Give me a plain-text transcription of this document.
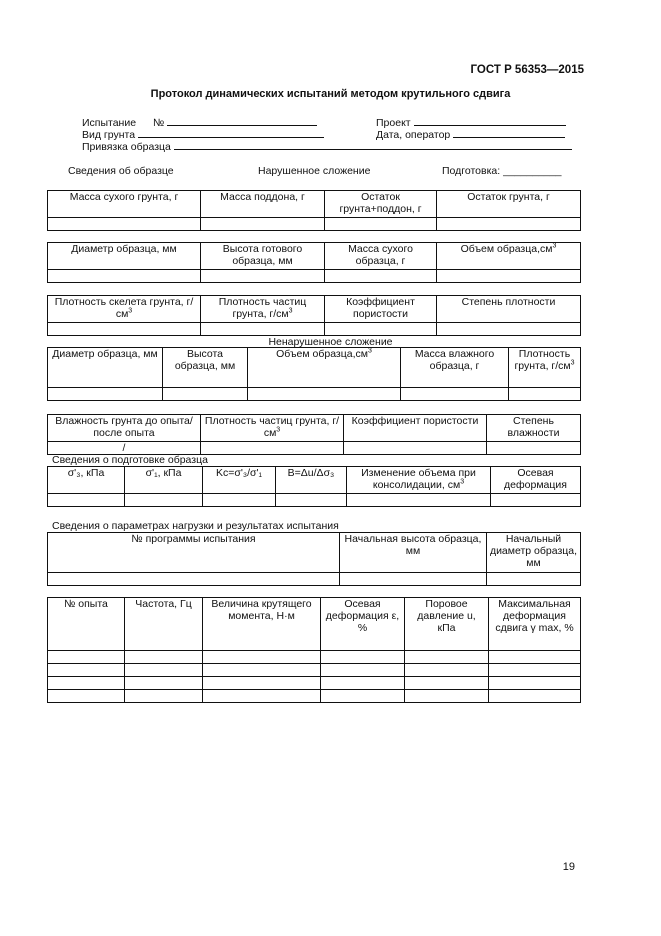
ГОСТ Р 56353—2015
Протокол динамических испытаний методом крутильного сдвига
Испытание №	Проект
Вид грунта	Дата, оператор
Привязка образца
Сведения об образце	Нарушенное сложение	Подготовка: __________
Масса сухого грунта, г	Масса поддона, г	Остаток грунта+поддон, г	Остаток грунта, г

Диаметр образца, мм	Высота готового образца, мм	Масса сухого образца, г	Объем $образца,см^3$

Плотность скелета грунта, $г/см^3$	Плотность частиц грунта, $г/см^3$	Коэффициент пористости	Степень плотности

Ненарушенное сложение
Диаметр образца, мм	Высота образца, мм	Объем $образца,см^3$	Масса влажного образца, г	Плотность грунта, $г/см^3$

Влажность грунта до опыта/после опыта	Плотность частиц грунта, $г/см^3$	Коэффициент пористости	Степень влажности
/			
Сведения о подготовке образца
σ'₃, кПа	σ'₁, кПа	Kc=σ'₃/σ'₁	B=Δu/Δσ₃	Изменение объема при консолидации, $см^3$	Осевая деформация

Сведения о параметрах нагрузки и результатах испытания
№ программы испытания	Начальная высота образца, мм	Начальный диаметр образца, мм

№ опыта	Частота, Гц	Величина крутящего момента, Н·м	Осевая деформация ε, %	Поровое давление u, кПа	Максимальная деформация сдвига γ max, %

19
